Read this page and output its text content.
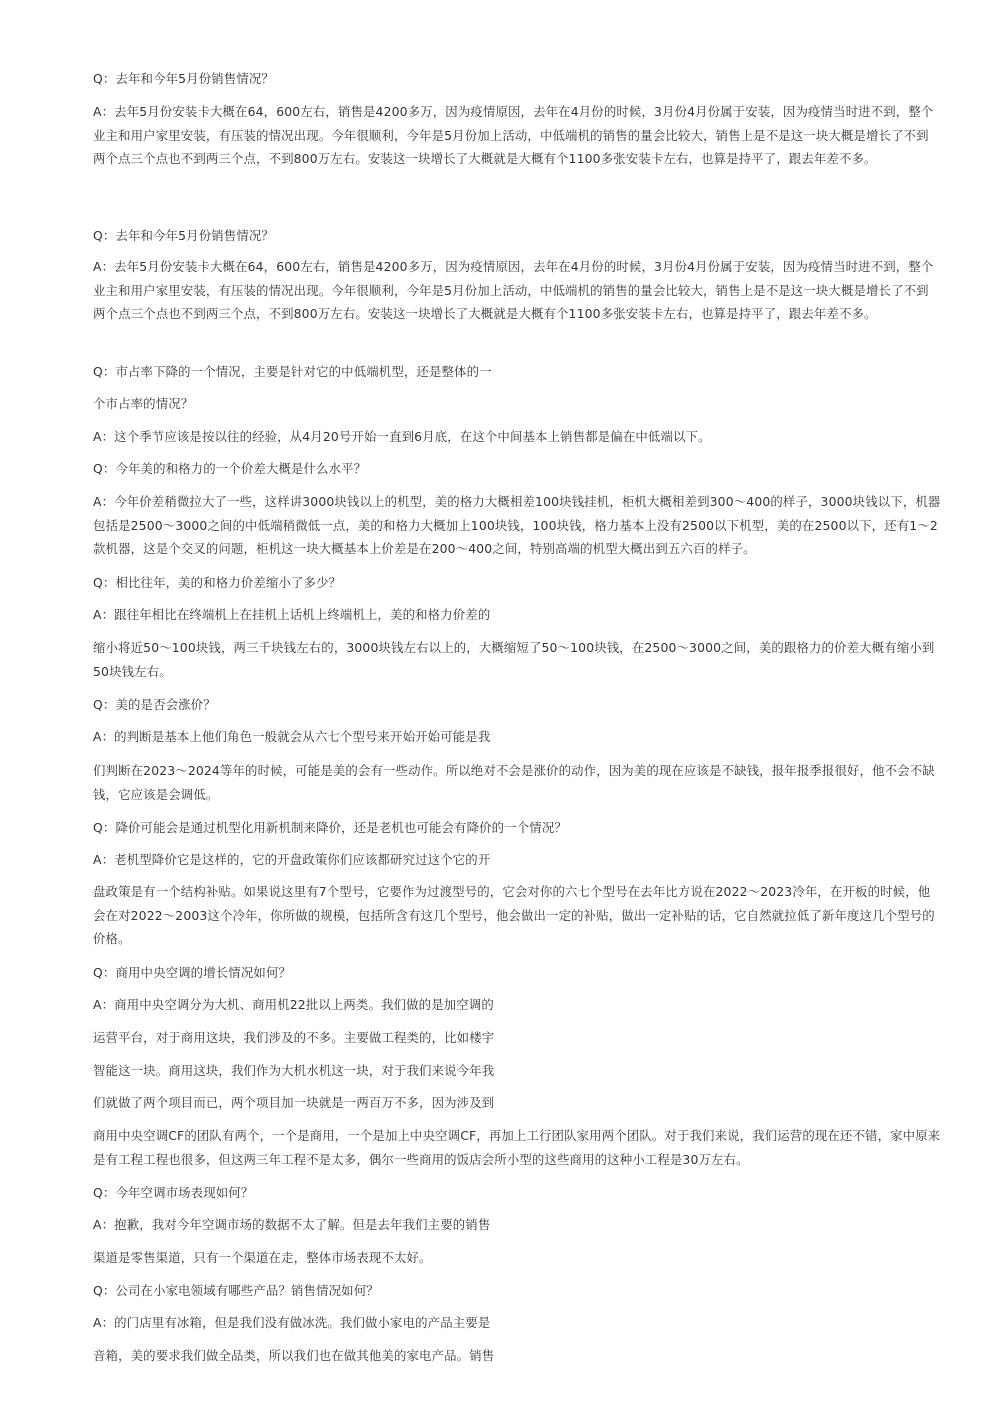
Q：去年和今年5月份销售情况？

A：去年5月份安装卡大概在64，600左右，销售是4200多万，因为疫情原因，去年在4月份的时候，3月份4月份属于安装，因为疫情当时进不到，整个业主和用户家里安装，有压装的情况出现。今年很顺利，今年是5月份加上活动，中低端机的销售的量会比较大，销售上是不是这一块大概是增长了不到两个点三个点也不到两三个点，不到800万左右。安装这一块增长了大概就是大概有个1100多张安装卡左右，也算是持平了，跟去年差不多。

Q：去年和今年5月份销售情况？

A：去年5月份安装卡大概在64，600左右，销售是4200多万，因为疫情原因，去年在4月份的时候，3月份4月份属于安装，因为疫情当时进不到，整个业主和用户家里安装，有压装的情况出现。今年很顺利，今年是5月份加上活动，中低端机的销售的量会比较大，销售上是不是这一块大概是增长了不到两个点三个点也不到两三个点，不到800万左右。安装这一块增长了大概就是大概有个1100多张安装卡左右，也算是持平了，跟去年差不多。

Q：市占率下降的一个情况，主要是针对它的中低端机型，还是整体的一

个市占率的情况？

A：这个季节应该是按以往的经验，从4月20号开始一直到6月底，在这个中间基本上销售都是偏在中低端以下。

Q：今年美的和格力的一个价差大概是什么水平？

A：今年价差稍微拉大了一些，这样讲3000块钱以上的机型，美的格力大概相差100块钱挂机，柜机大概相差到300～400的样子，3000块钱以下，机器包括是2500～3000之间的中低端稍微低一点，美的和格力大概加上100块钱，100块钱，格力基本上没有2500以下机型，美的在2500以下，还有1～2款机器，这是个交叉的问题，柜机这一块大概基本上价差是在200～400之间，特别高端的机型大概出到五六百的样子。

Q：相比往年，美的和格力价差缩小了多少？

A：跟往年相比在终端机上在挂机上话机上终端机上，美的和格力价差的

缩小将近50～100块钱，两三千块钱左右的，3000块钱左右以上的，大概缩短了50～100块钱，在2500～3000之间，美的跟格力的价差大概有缩小到50块钱左右。

Q：美的是否会涨价？

A：的判断是基本上他们角色一般就会从六七个型号来开始开始可能是我

们判断在2023～2024等年的时候，可能是美的会有一些动作。所以绝对不会是涨价的动作，因为美的现在应该是不缺钱，报年报季报很好，他不会不缺钱，它应该是会调低。

Q：降价可能会是通过机型化用新机制来降价，还是老机也可能会有降价的一个情况？

A：老机型降价它是这样的，它的开盘政策你们应该都研究过这个它的开

盘政策是有一个结构补贴。如果说这里有7个型号，它要作为过渡型号的，它会对你的六七个型号在去年比方说在2022～2023冷年，在开板的时候，他会在对2022～2003这个冷年，你所做的规模，包括所含有这几个型号，他会做出一定的补贴，做出一定补贴的话，它自然就拉低了新年度这几个型号的价格。

Q：商用中央空调的增长情况如何？

A：商用中央空调分为大机、商用机22批以上两类。我们做的是加空调的

运营平台，对于商用这块，我们涉及的不多。主要做工程类的，比如楼宇

智能这一块。商用这块，我们作为大机水机这一块，对于我们来说今年我

们就做了两个项目而已，两个项目加一块就是一两百万不多，因为涉及到

商用中央空调CF的团队有两个，一个是商用，一个是加上中央空调CF，再加上工行团队家用两个团队。对于我们来说，我们运营的现在还不错，家中原来是有工程工程也很多，但这两三年工程不是太多，偶尔一些商用的饭店会所小型的这些商用的这种小工程是30万左右。

Q：今年空调市场表现如何？

A：抱歉，我对今年空调市场的数据不太了解。但是去年我们主要的销售

渠道是零售渠道，只有一个渠道在走，整体市场表现不太好。

Q：公司在小家电领域有哪些产品？销售情况如何？

A：的门店里有冰箱，但是我们没有做冰洗。我们做小家电的产品主要是

音箱，美的要求我们做全品类，所以我们也在做其他美的家电产品。销售
